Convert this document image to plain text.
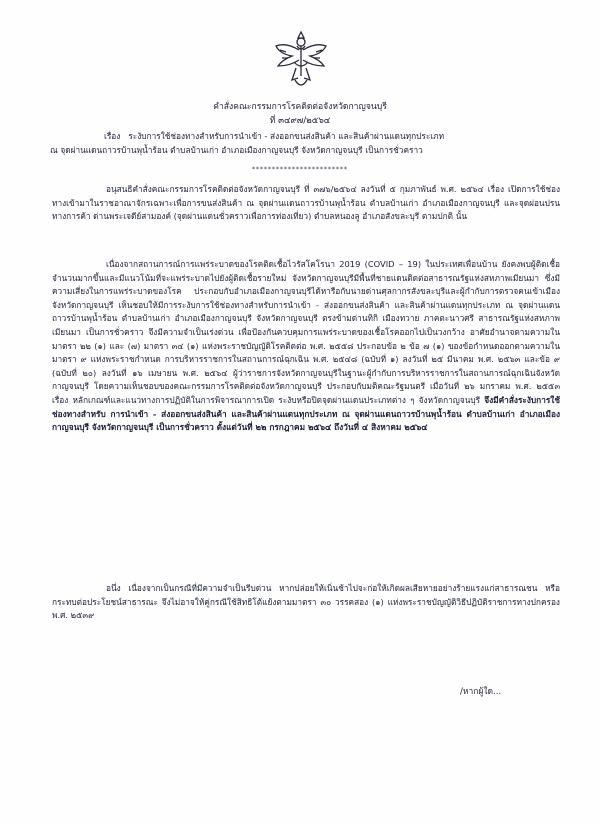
คำสั่งคณะกรรมการโรคติดต่อจังหวัดกาญจนบุรี
ที่ ๓๔๙๗/๒๕๖๔
เรื่อง ระงับการใช้ช่องทางสำหรับการนำเข้า - ส่งออกขนส่งสินค้า และสินค้าผ่านแดนทุกประเภท
ณ จุดผ่านแดนถาวรบ้านพุน้ำร้อน ตำบลบ้านเก่า อำเภอเมืองกาญจนบุรี จังหวัดกาญจนบุรี เป็นการชั่วคราว
************************

อนุสนธิคำสั่งคณะกรรมการโรคติดต่อจังหวัดกาญจนบุรี ที่ ๓๗๖/๒๕๖๔ ลงวันที่ ๕ กุมภาพันธ์ พ.ศ. ๒๕๖๔ เรื่อง เปิดการใช้ช่องทางเข้ามาในราชอาณาจักรเฉพาะเพื่อการขนส่งสินค้า ณ จุดผ่านแดนถาวรบ้านพุน้ำร้อน ตำบลบ้านเก่า อำเภอเมืองกาญจนบุรี และจุดผ่อนปรนทางการค้า ด่านพระเจดีย์สามองค์ (จุดผ่านแดนชั่วคราวเพื่อการท่องเที่ยว) ตำบลหนองลู อำเภอสังขละบุรี ตามปกติ นั้น

เนื่องจากสถานการณ์การแพร่ระบาดของโรคติดเชื้อไวรัสโคโรนา 2019 (COVID – 19) ในประเทศเพื่อนบ้าน ยังคงพบผู้ติดเชื้อจำนวนมากขึ้นและมีแนวโน้มที่จะแพร่ระบาดไปยังผู้ติดเชื้อรายใหม่ จังหวัดกาญจนบุรีมีพื้นที่ชายแดนติดต่อสาธารณรัฐแห่งสหภาพเมียนมา ซึ่งมีความเสี่ยงในการแพร่ระบาดของโรค ประกอบกับอำเภอเมืองกาญจนบุรีได้หารือกับนายด่านศุลกากรสังขละบุรีและผู้กำกับการตรวจคนเข้าเมืองจังหวัดกาญจนบุรี เห็นชอบให้มีการระงับการใช้ช่องทางสำหรับการนำเข้า - ส่งออกขนส่งสินค้า และสินค้าผ่านแดนทุกประเภท ณ จุดผ่านแดนถาวรบ้านพุน้ำร้อน ตำบลบ้านเก่า อำเภอเมืองกาญจนบุรี จังหวัดกาญจนบุรี ตรงข้ามด่านทิกิ เมืองทวาย ภาคตะนาวศรี สาธารณรัฐแห่งสหภาพเมียนมา เป็นการชั่วคราว จึงมีความจำเป็นเร่งด่วน เพื่อป้องกันควบคุมการแพร่ระบาดของเชื้อโรคออกไปเป็นวงกว้าง อาศัยอำนาจตามความในมาตรา ๒๒ (๑) และ (๗) มาตรา ๓๔ (๑) แห่งพระราชบัญญัติโรคติดต่อ พ.ศ. ๒๕๕๘ ประกอบข้อ ๒ ข้อ ๗ (๑) ของข้อกำหนดออกตามความในมาตรา ๙ แห่งพระราชกำหนด การบริหารราชการในสถานการณ์ฉุกเฉิน พ.ศ. ๒๕๔๘ (ฉบับที่ ๑) ลงวันที่ ๒๕ มีนาคม พ.ศ. ๒๕๖๓ และข้อ ๙ (ฉบับที่ ๒๐) ลงวันที่ ๑๖ เมษายน พ.ศ. ๒๕๖๔ ผู้ว่าราชการจังหวัดกาญจนบุรีในฐานะผู้กำกับการบริหารราชการในสถานการณ์ฉุกเฉินจังหวัดกาญจนบุรี โดยความเห็นชอบของคณะกรรมการโรคติดต่อจังหวัดกาญจนบุรี ประกอบกับมติคณะรัฐมนตรี เมื่อวันที่ ๒๖ มกราคม พ.ศ. ๒๕๕๓ เรื่อง หลักเกณฑ์และแนวทางการปฏิบัติในการพิจารณาการเปิด ระงับหรือปิดจุดผ่านแดนประเภทต่าง ๆ จังหวัดกาญจนบุรี จึงมีคำสั่งระงับการใช้ช่องทางสำหรับ การนำเข้า - ส่งออกขนส่งสินค้า และสินค้าผ่านแดนทุกประเภท ณ จุดผ่านแดนถาวรบ้านพุน้ำร้อน ตำบลบ้านเก่า อำเภอเมืองกาญจนบุรี จังหวัดกาญจนบุรี เป็นการชั่วคราว ตั้งแต่วันที่ ๒๒ กรกฎาคม ๒๕๖๔ ถึงวันที่ ๔ สิงหาคม ๒๕๖๔

อนึ่ง เนื่องจากเป็นกรณีที่มีความจำเป็นรีบด่วน หากปล่อยให้เนิ่นช้าไปจะก่อให้เกิดผลเสียหายอย่างร้ายแรงแก่สาธารณชน หรือกระทบต่อประโยชน์สาธารณะ จึงไม่อาจให้คู่กรณีใช้สิทธิโต้แย้งตามมาตรา ๓๐ วรรคสอง (๑) แห่งพระราชบัญญัติวิธีปฏิบัติราชการทางปกครอง พ.ศ. ๒๕๓๙

/หากผู้ใด...
